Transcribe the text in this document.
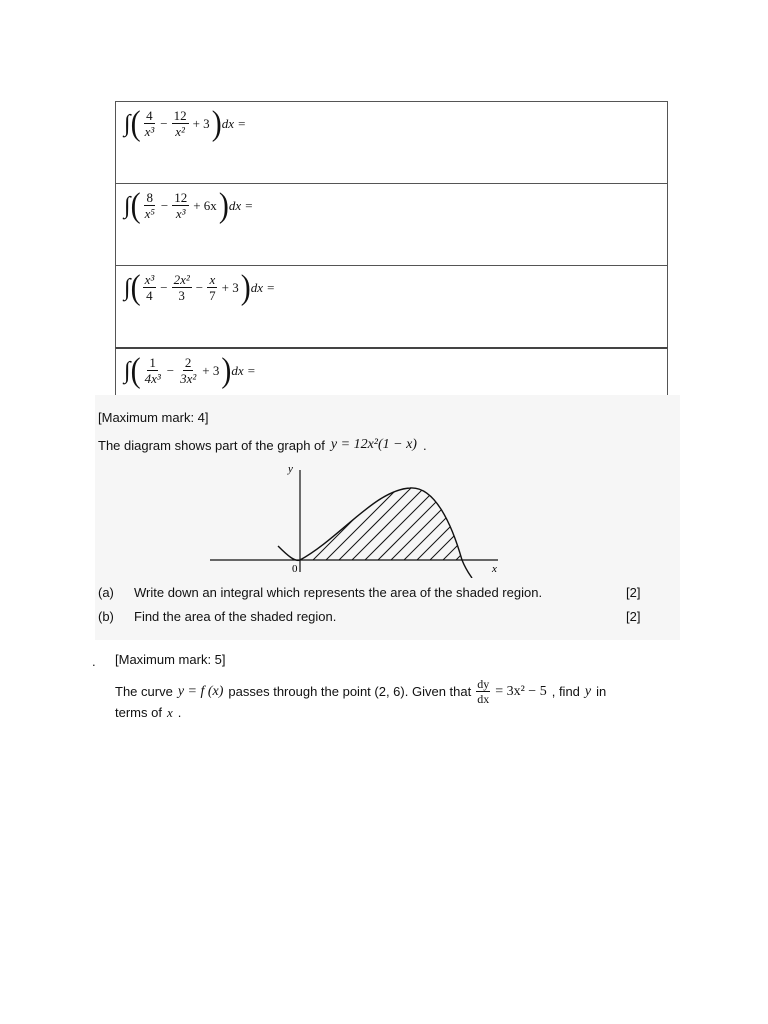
∫ ( $\frac{4}{\text{x³}} - \frac{12}{\text{x²}} + 3$ ) dx =
∫ ( $\frac{8}{\text{x⁵}} - \frac{12}{\text{x³}} + 6x$ ) dx =
∫ ( $\frac{\text{x³}}{4} - \frac{\text{2x²}}{3} - \frac{x}{7} + 3$ ) dx =
∫ ( $\frac{1}{\text{4x³}} - \frac{2}{\text{3x²}} + 3$ ) dx =
[Maximum mark: 4]
The diagram shows part of the graph of y = 12x²(1 − x) .
y
x
0
(a) Write down an integral which represents the area of the shaded region.	[2]
(b) Find the area of the shaded region.	[2]
. [Maximum mark: 5]
The curve y = f (x) passes through the point (2, 6). Given that $\frac{dy}{dx} = 3x^2 - 5$ , find y in
terms of x .
